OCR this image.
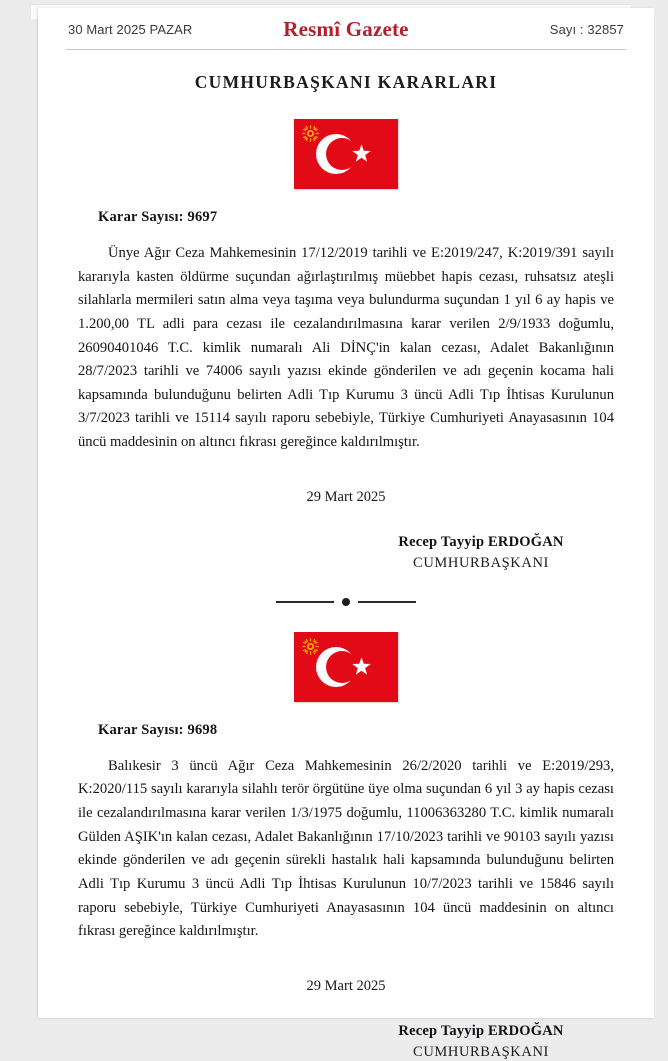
30 Mart 2025 PAZAR	Resmî Gazete	Sayı : 32857
CUMHURBAŞKANI KARARLARI
Karar Sayısı: 9697
Ünye Ağır Ceza Mahkemesinin 17/12/2019 tarihli ve E:2019/247, K:2019/391 sayılı kararıyla kasten öldürme suçundan ağırlaştırılmış müebbet hapis cezası, ruhsatsız ateşli silahlarla mermileri satın alma veya taşıma veya bulundurma suçundan 1 yıl 6 ay hapis ve 1.200,00 TL adli para cezası ile cezalandırılmasına karar verilen 2/9/1933 doğumlu, 26090401046 T.C. kimlik numaralı Ali DİNÇ'in kalan cezası, Adalet Bakanlığının 28/7/2023 tarihli ve 74006 sayılı yazısı ekinde gönderilen ve adı geçenin kocama hali kapsamında bulunduğunu belirten Adli Tıp Kurumu 3 üncü Adli Tıp İhtisas Kurulunun 3/7/2023 tarihli ve 15114 sayılı raporu sebebiyle, Türkiye Cumhuriyeti Anayasasının 104 üncü maddesinin on altıncı fıkrası gereğince kaldırılmıştır.
29 Mart 2025
Recep Tayyip ERDOĞAN
CUMHURBAŞKANI
Karar Sayısı: 9698
Balıkesir 3 üncü Ağır Ceza Mahkemesinin 26/2/2020 tarihli ve E:2019/293, K:2020/115 sayılı kararıyla silahlı terör örgütüne üye olma suçundan 6 yıl 3 ay hapis cezası ile cezalandırılmasına karar verilen 1/3/1975 doğumlu, 11006363280 T.C. kimlik numaralı Gülden AŞIK'ın kalan cezası, Adalet Bakanlığının 17/10/2023 tarihli ve 90103 sayılı yazısı ekinde gönderilen ve adı geçenin sürekli hastalık hali kapsamında bulunduğunu belirten Adli Tıp Kurumu 3 üncü Adli Tıp İhtisas Kurulunun 10/7/2023 tarihli ve 15846 sayılı raporu sebebiyle, Türkiye Cumhuriyeti Anayasasının 104 üncü maddesinin on altıncı fıkrası gereğince kaldırılmıştır.
29 Mart 2025
Recep Tayyip ERDOĞAN
CUMHURBAŞKANI
